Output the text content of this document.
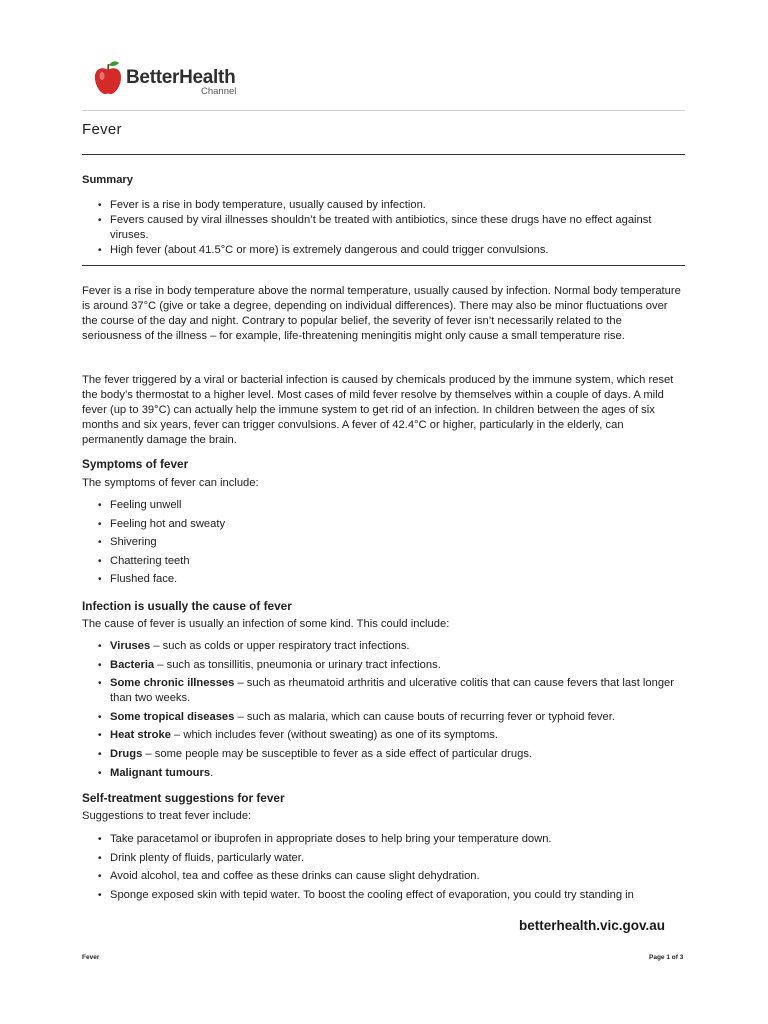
BetterHealth
Channel
Fever
Summary
• Fever is a rise in body temperature, usually caused by infection.
• Fevers caused by viral illnesses shouldn’t be treated with antibiotics, since these drugs have no effect against viruses.
• High fever (about 41.5°C or more) is extremely dangerous and could trigger convulsions.

Fever is a rise in body temperature above the normal temperature, usually caused by infection. Normal body temperature is around 37°C (give or take a degree, depending on individual differences). There may also be minor fluctuations over the course of the day and night. Contrary to popular belief, the severity of fever isn’t necessarily related to the seriousness of the illness – for example, life-threatening meningitis might only cause a small temperature rise.

The fever triggered by a viral or bacterial infection is caused by chemicals produced by the immune system, which reset the body’s thermostat to a higher level. Most cases of mild fever resolve by themselves within a couple of days. A mild fever (up to 39°C) can actually help the immune system to get rid of an infection. In children between the ages of six months and six years, fever can trigger convulsions. A fever of 42.4°C or higher, particularly in the elderly, can permanently damage the brain.

Symptoms of fever

The symptoms of fever can include:

• Feeling unwell
• Feeling hot and sweaty
• Shivering
• Chattering teeth
• Flushed face.
Infection is usually the cause of fever

The cause of fever is usually an infection of some kind. This could include:

• Viruses – such as colds or upper respiratory tract infections.
• Bacteria – such as tonsillitis, pneumonia or urinary tract infections.
• Some chronic illnesses – such as rheumatoid arthritis and ulcerative colitis that can cause fevers that last longer than two weeks.
• Some tropical diseases – such as malaria, which can cause bouts of recurring fever or typhoid fever.
• Heat stroke – which includes fever (without sweating) as one of its symptoms.
• Drugs – some people may be susceptible to fever as a side effect of particular drugs.
• Malignant tumours.
Self-treatment suggestions for fever

Suggestions to treat fever include:

• Take paracetamol or ibuprofen in appropriate doses to help bring your temperature down.
• Drink plenty of fluids, particularly water.
• Avoid alcohol, tea and coffee as these drinks can cause slight dehydration.
• Sponge exposed skin with tepid water. To boost the cooling effect of evaporation, you could try standing in
betterhealth.vic.gov.au
Fever	Page 1 of 3
